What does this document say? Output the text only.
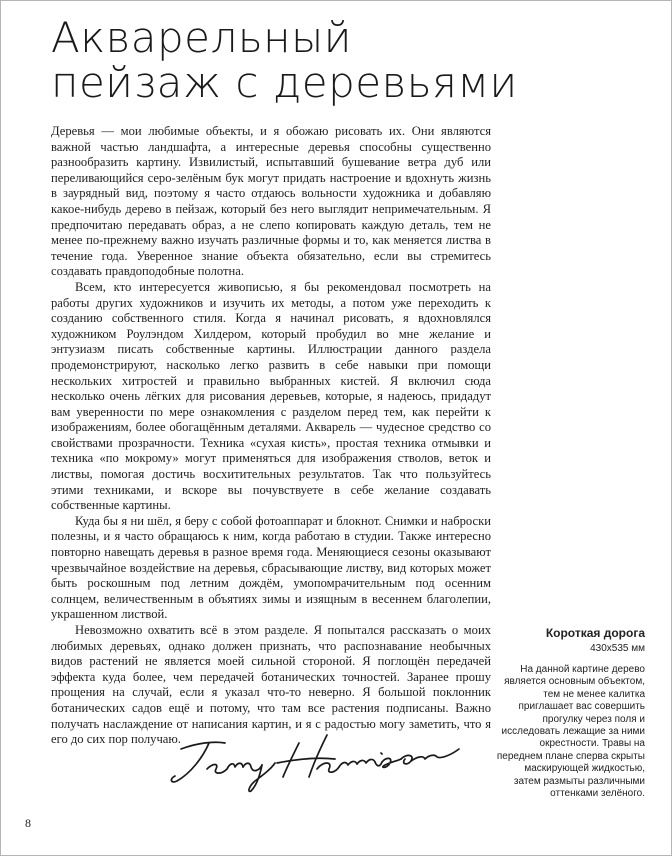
Акварельный
пейзаж с деревьями

Деревья — мои любимые объекты, и я обожаю рисовать их. Они являются важной частью ландшафта, а интересные деревья способны существенно разнообразить картину. Извилистый, испытавший бушевание ветра дуб или переливающийся серо-зелёным бук могут придать настроение и вдохнуть жизнь в заурядный вид, поэтому я часто отдаюсь вольности художника и добавляю какое-нибудь дерево в пейзаж, который без него выглядит непримечательным. Я предпочитаю передавать образ, а не слепо копировать каждую деталь, тем не менее по-прежнему важно изучать различные формы и то, как меняется листва в течение года. Уверенное знание объекта обязательно, если вы стремитесь создавать правдоподобные полотна.

Всем, кто интересуется живописью, я бы рекомендовал посмотреть на работы других художников и изучить их методы, а потом уже переходить к созданию собственного стиля. Когда я начинал рисовать, я вдохновлялся художником Роулэндом Хилдером, который пробудил во мне желание и энтузиазм писать собственные картины. Иллюстрации данного раздела продемонстрируют, насколько легко развить в себе навыки при помощи нескольких хитростей и правильно выбранных кистей. Я включил сюда несколько очень лёгких для рисования деревьев, которые, я надеюсь, придадут вам уверенности по мере ознакомления с разделом перед тем, как перейти к изображениям, более обогащённым деталями. Акварель — чудесное средство со свойствами прозрачности. Техника «сухая кисть», простая техника отмывки и техника «по мокрому» могут применяться для изображения стволов, веток и листвы, помогая достичь восхитительных результатов. Так что пользуйтесь этими техниками, и вскоре вы почувствуете в себе желание создавать собственные картины.

Куда бы я ни шёл, я беру с собой фотоаппарат и блокнот. Снимки и наброски полезны, и я часто обращаюсь к ним, когда работаю в студии. Также интересно повторно навещать деревья в разное время года. Меняющиеся сезоны оказывают чрезвычайное воздействие на деревья, сбрасывающие листву, вид которых может быть роскошным под летним дождём, умопомрачительным под осенним солнцем, величественным в объятиях зимы и изящным в весеннем благолепии, украшенном листвой.

Невозможно охватить всё в этом разделе. Я попытался рассказать о моих любимых деревьях, однако должен признать, что распознавание необычных видов растений не является моей сильной стороной. Я поглощён передачей эффекта куда более, чем передачей ботанических точностей. Заранее прошу прощения на случай, если я указал что-то неверно. Я большой поклонник ботанических садов ещё и потому, что там все растения подписаны. Важно получать наслаждение от написания картин, и я с радостью могу заметить, что я его до сих пор получаю.

Короткая дорога
430x535 мм
На данной картине дерево является основным объектом, тем не менее калитка приглашает вас совершить прогулку через поля и исследовать лежащие за ними окрестности. Травы на переднем плане сперва скрыты маскирующей жидкостью, затем размыты различными оттенками зелёного.
8
